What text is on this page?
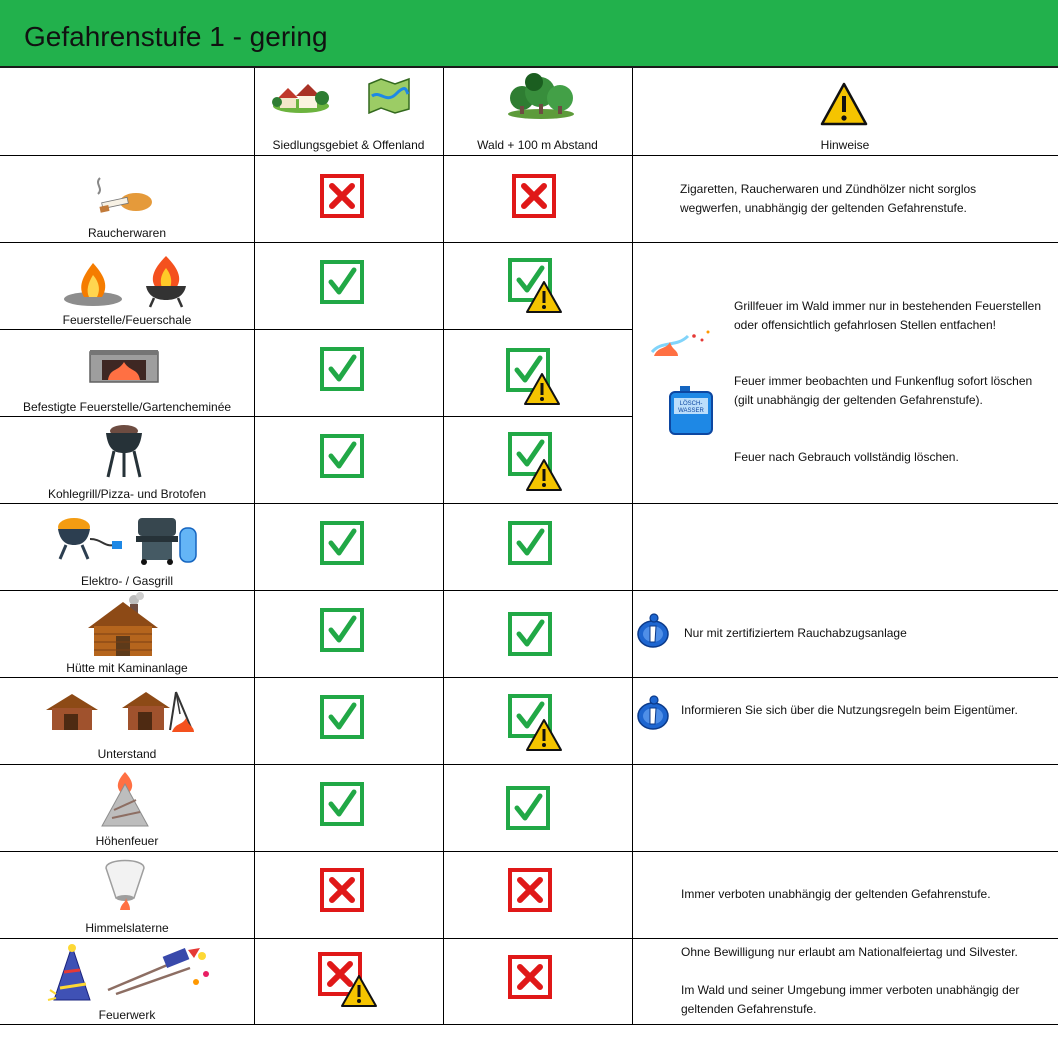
Gefahrenstufe 1 - gering
Siedlungsgebiet & Offenland	Wald + 100 m Abstand	Hinweise
Raucherwaren
Feuerstelle/Feuerschale
Befestigte Feuerstelle/Gartencheminée
Kohlegrill/Pizza- und Brotofen
Elektro- / Gasgrill
Hütte mit Kaminanlage
Unterstand
Höhenfeuer
Himmelslaterne
Feuerwerk
Zigaretten, Raucherwaren und Zündhölzer nicht sorglos wegwerfen, unabhängig der geltenden Gefahrenstufe.
Grillfeuer im Wald immer nur in bestehenden Feuerstellen oder offensichtlich gefahrlosen Stellen entfachen!
LÖSCH-
WASSER
Feuer immer beobachten und Funkenflug sofort löschen (gilt unabhängig der geltenden Gefahrenstufe).
Feuer nach Gebrauch vollständig löschen.
Nur mit zertifiziertem Rauchabzugsanlage
Informieren Sie sich über die Nutzungsregeln beim Eigentümer.
Immer verboten unabhängig der geltenden Gefahrenstufe.
Ohne Bewilligung nur erlaubt am Nationalfeiertag und Silvester.
Im Wald und seiner Umgebung immer verboten unabhängig der geltenden Gefahrenstufe.
